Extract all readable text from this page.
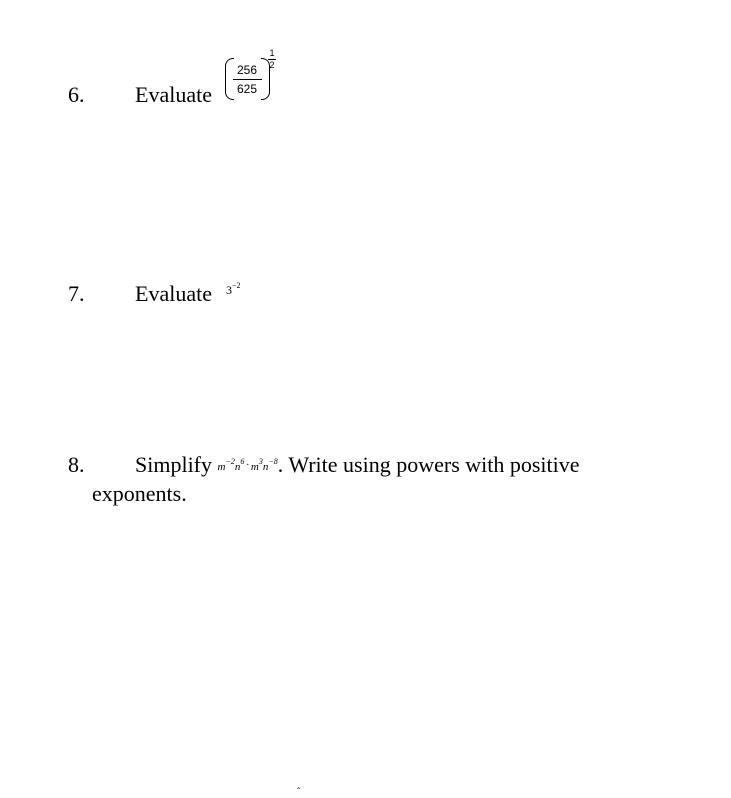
6. Evaluate
256
625
1
2
7. Evaluate $3^{-2}$
8. Simplify $m^{-2}n^6 \cdot m^3n^{-8}$. Write using powers with positive
exponents.
ˆ
